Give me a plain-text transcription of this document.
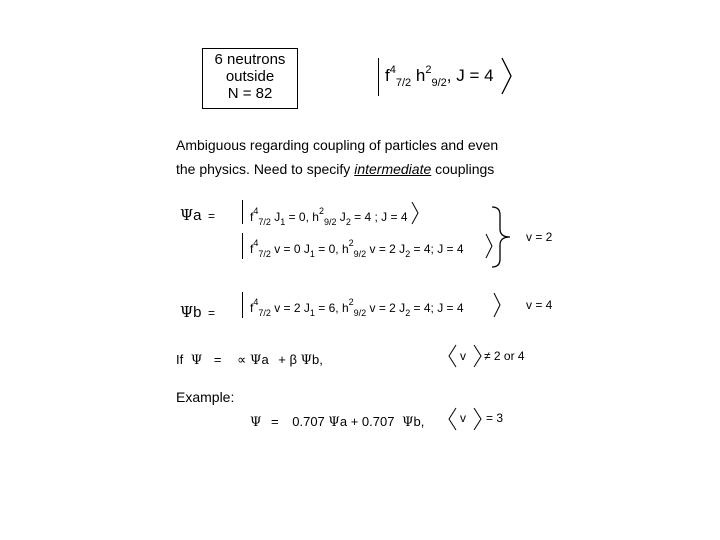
6 neutrons
outside
N = 82
$f^4_{7/2}$ $h^2_{9/2}$, J = 4
Ambiguous regarding coupling of particles and even
the physics. Need to specify intermediate couplings
Ψa =	$f^4_{7/2}$ $J_1 = 0$, $h^2_{9/2}$ $J_2 = 4$ ; J = 4
$f^4_{7/2}$ v = 0 $J_1 = 0$, $h^2_{9/2}$ v = 2 $J_2 = 4$; J = 4
v = 2
Ψb =	$f^4_{7/2}$ v = 2 $J_1 = 6$, $h^2_{9/2}$ v = 2 $J_2 = 4$; J = 4	v = 4
If Ψ = ∝ Ψa + β Ψb,	v ≠ 2 or 4
Example:
Ψ = 0.707 Ψa + 0.707 Ψb,	v = 3
